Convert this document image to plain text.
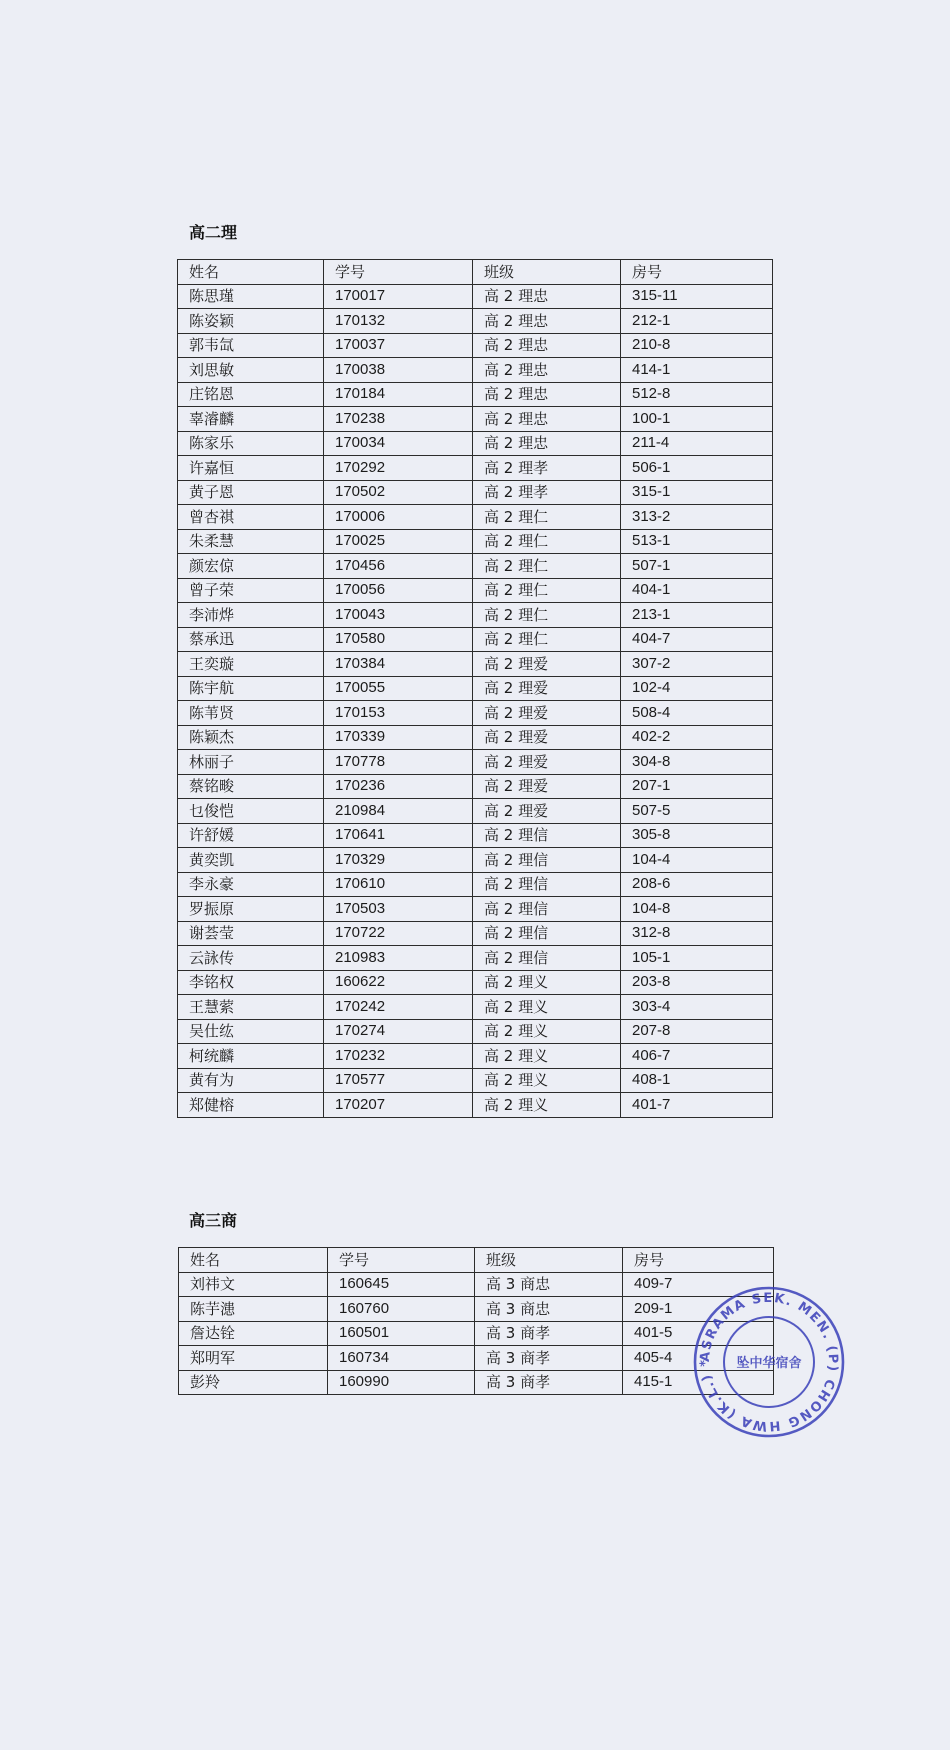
高二理
姓名	学号	班级	房号
陈思瑾	170017	高 2 理忠	315-11
陈姿颖	170132	高 2 理忠	212-1
郭韦氙	170037	高 2 理忠	210-8
刘思敏	170038	高 2 理忠	414-1
庄铭恩	170184	高 2 理忠	512-8
辜濬麟	170238	高 2 理忠	100-1
陈家乐	170034	高 2 理忠	211-4
许嘉恒	170292	高 2 理孝	506-1
黄子恩	170502	高 2 理孝	315-1
曾杏祺	170006	高 2 理仁	313-2
朱柔慧	170025	高 2 理仁	513-1
颜宏倞	170456	高 2 理仁	507-1
曾子荣	170056	高 2 理仁	404-1
李沛烨	170043	高 2 理仁	213-1
蔡承迅	170580	高 2 理仁	404-7
王奕璇	170384	高 2 理爱	307-2
陈宇航	170055	高 2 理爱	102-4
陈苇贤	170153	高 2 理爱	508-4
陈颖杰	170339	高 2 理爱	402-2
林丽子	170778	高 2 理爱	304-8
蔡铭畯	170236	高 2 理爱	207-1
乜俊恺	210984	高 2 理爱	507-5
许舒媛	170641	高 2 理信	305-8
黄奕凯	170329	高 2 理信	104-4
李永豪	170610	高 2 理信	208-6
罗振原	170503	高 2 理信	104-8
谢荟莹	170722	高 2 理信	312-8
云詠传	210983	高 2 理信	105-1
李铭权	160622	高 2 理义	203-8
王慧萦	170242	高 2 理义	303-4
吴仕纮	170274	高 2 理义	207-8
柯统麟	170232	高 2 理义	406-7
黄有为	170577	高 2 理义	408-1
郑健榕	170207	高 2 理义	401-7
高三商
姓名	学号	班级	房号
刘祎文	160645	高 3 商忠	409-7
陈芋漶	160760	高 3 商忠	209-1
詹达铨	160501	高 3 商孝	401-5
郑明军	160734	高 3 商孝	405-4
彭羚	160990	高 3 商孝	415-1
ASRAMA SEK. MEN. (P) CHONG HWA (K.L.) *	坠中华宿舍
